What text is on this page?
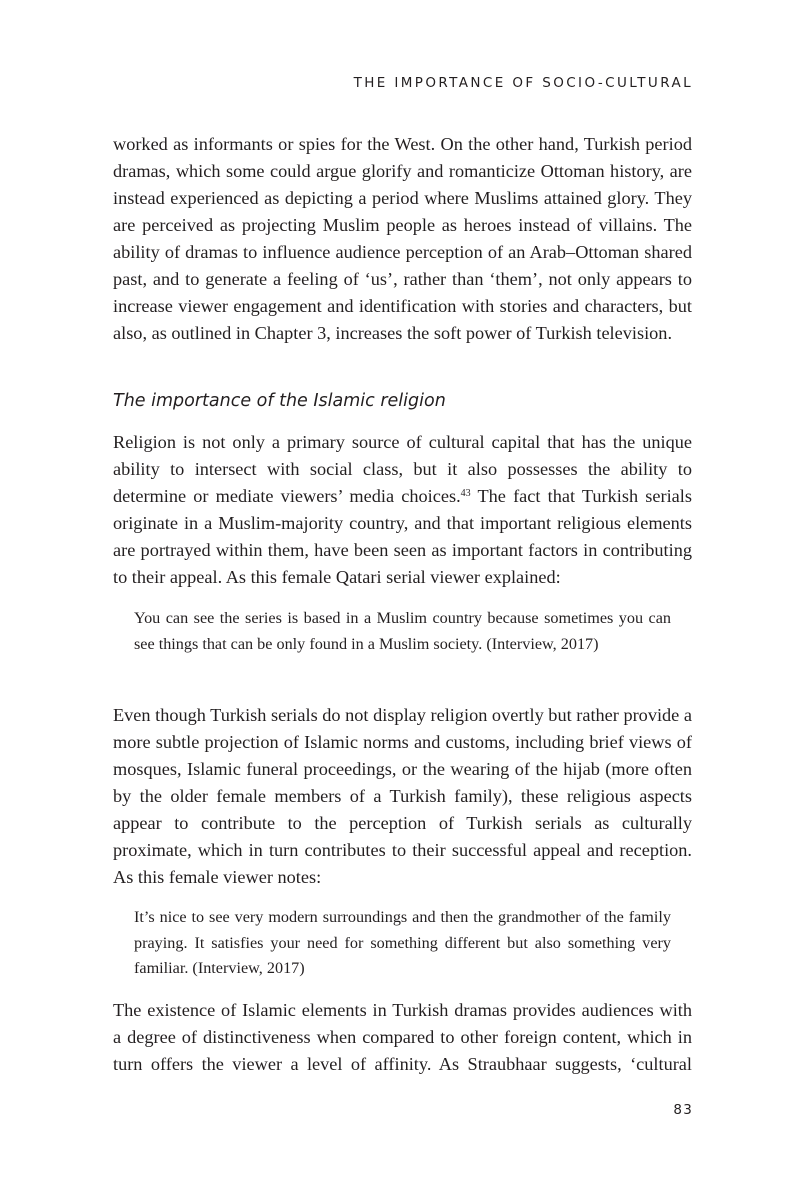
THE IMPORTANCE OF SOCIO-CULTURAL
worked as informants or spies for the West. On the other hand, Turkish period dramas, which some could argue glorify and romanticize Ottoman history, are instead experienced as depicting a period where Muslims attained glory. They are perceived as projecting Muslim people as heroes instead of villains. The ability of dramas to influence audience perception of an Arab–Ottoman shared past, and to generate a feeling of ‘us’, rather than ‘them’, not only appears to increase viewer engagement and identification with stories and characters, but also, as outlined in Chapter 3, increases the soft power of Turkish television.
The importance of the Islamic religion
Religion is not only a primary source of cultural capital that has the unique ability to intersect with social class, but it also possesses the ability to determine or mediate viewers’ media choices.$^{43}$ The fact that Turkish serials originate in a Muslim-majority country, and that important religious elements are portrayed within them, have been seen as important factors in contributing to their appeal. As this female Qatari serial viewer explained:
You can see the series is based in a Muslim country because sometimes you can see things that can be only found in a Muslim society. (Interview, 2017)
Even though Turkish serials do not display religion overtly but rather provide a more subtle projection of Islamic norms and customs, including brief views of mosques, Islamic funeral proceedings, or the wearing of the hijab (more often by the older female members of a Turkish family), these religious aspects appear to contribute to the perception of Turkish serials as culturally proximate, which in turn contributes to their successful appeal and reception. As this female viewer notes:
It’s nice to see very modern surroundings and then the grandmother of the family praying. It satisfies your need for something different but also something very familiar. (Interview, 2017)
The existence of Islamic elements in Turkish dramas provides audiences with a degree of distinctiveness when compared to other foreign content, which in turn offers the viewer a level of affinity. As Straubhaar suggests, ‘cultural
83
